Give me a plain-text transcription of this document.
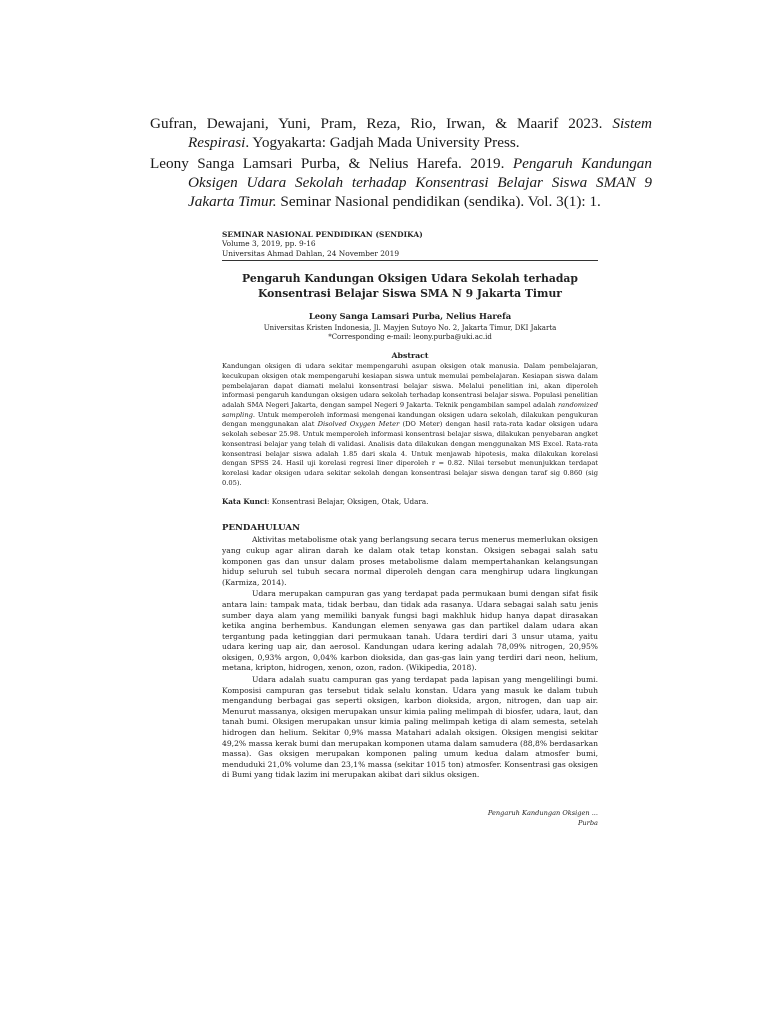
Gufran, Dewajani, Yuni, Pram, Reza, Rio, Irwan, & Maarif 2023. Sistem Respirasi. Yogyakarta: Gadjah Mada University Press.

Leony Sanga Lamsari Purba, & Nelius Harefa. 2019. Pengaruh Kandungan Oksigen Udara Sekolah terhadap Konsentrasi Belajar Siswa SMAN 9 Jakarta Timur. Seminar Nasional pendidikan (sendika). Vol. 3(1): 1.

SEMINAR NASIONAL PENDIDIKAN (SENDIKA)
Volume 3, 2019, pp. 9-16
Universitas Ahmad Dahlan, 24 November 2019
Pengaruh Kandungan Oksigen Udara Sekolah terhadap
Konsentrasi Belajar Siswa SMA N 9 Jakarta Timur
Leony Sanga Lamsari Purba, Nelius Harefa
Universitas Kristen Indonesia, Jl. Mayjen Sutoyo No. 2, Jakarta Timur, DKI Jakarta
*Corresponding e-mail: leony.purba@uki.ac.id
Abstract

Kandungan oksigen di udara sekitar mempengaruhi asupan oksigen otak manusia. Dalam pembelajaran, kecukupan oksigen otak mempengaruhi kesiapan siswa untuk memulai pembelajaran. Kesiapan siswa dalam pembelajaran dapat diamati melalui konsentrasi belajar siswa. Melalui penelitian ini, akan diperoleh informasi pengaruh kandungan oksigen udara sekolah terhadap konsentrasi belajar siswa. Populasi penelitian adalah SMA Negeri Jakarta, dengan sampel Negeri 9 Jakarta. Teknik pengambilan sampel adalah randomized sampling. Untuk memperoleh informasi mengenai kandungan oksigen udara sekolah, dilakukan pengukuran dengan menggunakan alat Disolved Oxygen Meter (DO Meter) dengan hasil rata-rata kadar oksigen udara sekolah sebesar 25.98. Untuk memperoleh informasi konsentrasi belajar siswa, dilakukan penyebaran angket konsentrasi belajar yang telah di validasi. Analisis data dilakukan dengan menggunakan MS Excel. Rata-rata konsentrasi belajar siswa adalah 1.85 dari skala 4. Untuk menjawab hipotesis, maka dilakukan korelasi dengan SPSS 24. Hasil uji korelasi regresi liner diperoleh r = 0.82. Nilai tersebut menunjukkan terdapat korelasi kadar oksigen udara sekitar sekolah dengan konsentrasi belajar siswa dengan taraf sig 0.860 (sig 0.05).

Kata Kunci: Konsentrasi Belajar, Oksigen, Otak, Udara.
PENDAHULUAN

Aktivitas metabolisme otak yang berlangsung secara terus menerus memerlukan oksigen yang cukup agar aliran darah ke dalam otak tetap konstan. Oksigen sebagai salah satu komponen gas dan unsur dalam proses metabolisme dalam mempertahankan kelangsungan hidup seluruh sel tubuh secara normal diperoleh dengan cara menghirup udara lingkungan (Karmiza, 2014).

Udara merupakan campuran gas yang terdapat pada permukaan bumi dengan sifat fisik antara lain: tampak mata, tidak berbau, dan tidak ada rasanya. Udara sebagai salah satu jenis sumber daya alam yang memiliki banyak fungsi bagi makhluk hidup hanya dapat dirasakan ketika angina berhembus. Kandungan elemen senyawa gas dan partikel dalam udara akan tergantung pada ketinggian dari permukaan tanah. Udara terdiri dari 3 unsur utama, yaitu udara kering uap air, dan aerosol. Kandungan udara kering adalah 78,09% nitrogen, 20,95% oksigen, 0,93% argon, 0,04% karbon dioksida, dan gas-gas lain yang terdiri dari neon, helium, metana, kripton, hidrogen, xenon, ozon, radon. (Wikipedia, 2018).

Udara adalah suatu campuran gas yang terdapat pada lapisan yang mengelilingi bumi. Komposisi campuran gas tersebut tidak selalu konstan. Udara yang masuk ke dalam tubuh mengandung berbagai gas seperti oksigen, karbon dioksida, argon, nitrogen, dan uap air. Menurut massanya, oksigen merupakan unsur kimia paling melimpah di biosfer, udara, laut, dan tanah bumi. Oksigen merupakan unsur kimia paling melimpah ketiga di alam semesta, setelah hidrogen dan helium. Sekitar 0,9% massa Matahari adalah oksigen. Oksigen mengisi sekitar 49,2% massa kerak bumi dan merupakan komponen utama dalam samudera (88,8% berdasarkan massa). Gas oksigen merupakan komponen paling umum kedua dalam atmosfer bumi, menduduki 21,0% volume dan 23,1% massa (sekitar 1015 ton) atmosfer. Konsentrasi gas oksigen di Bumi yang tidak lazim ini merupakan akibat dari siklus oksigen.

Pengaruh Kandungan Oksigen ...
Purba
